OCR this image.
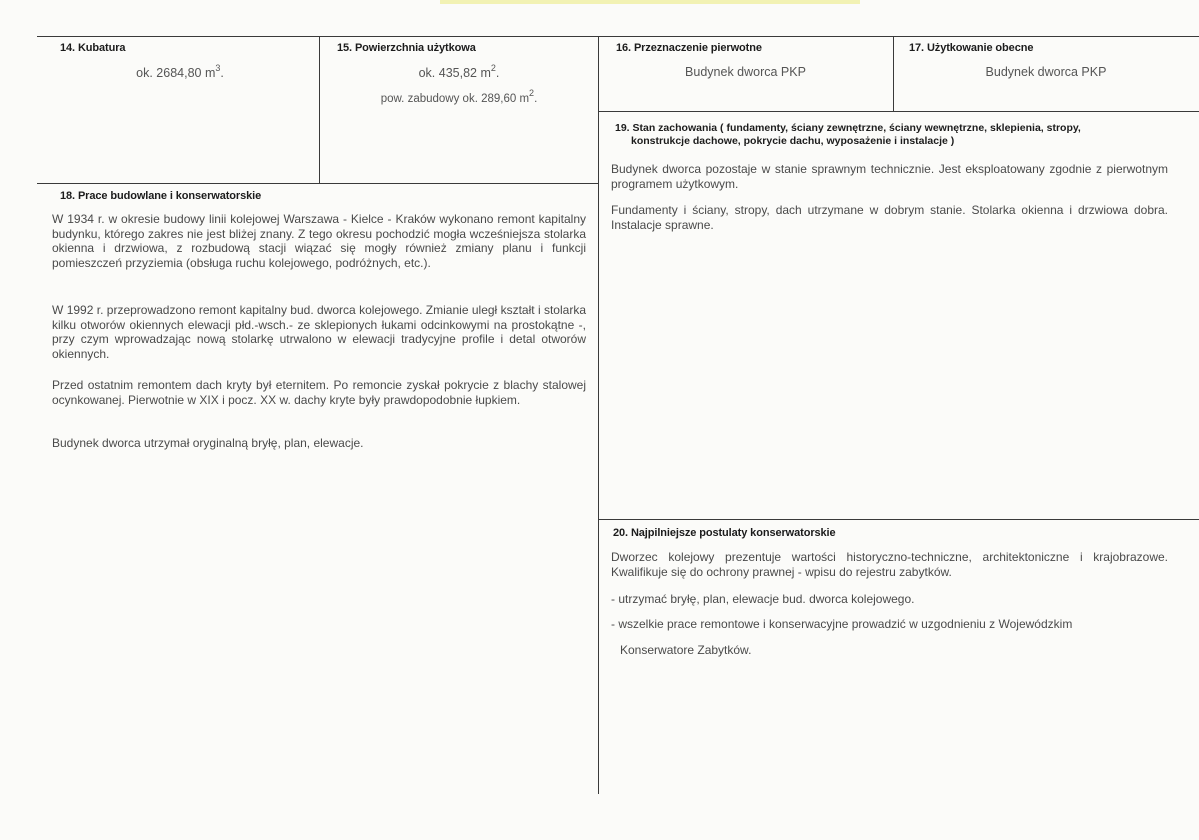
14. Kubatura
ok. 2684,80 $m^3$.
15. Powierzchnia użytkowa
ok. 435,82 $m^2$.
pow. zabudowy ok. 289,60 $m^2$.
16. Przeznaczenie pierwotne
Budynek dworca PKP
17. Użytkowanie obecne
Budynek dworca PKP
18. Prace budowlane i konserwatorskie

W 1934 r. w okresie budowy linii kolejowej Warszawa - Kielce - Kraków wykonano remont kapitalny budynku, którego zakres nie jest bliżej znany. Z tego okresu pochodzić mogła wcześniejsza stolarka okienna i drzwiowa, z rozbudową stacji wiązać się mogły również zmiany planu i funkcji pomieszczeń przyziemia (obsługa ruchu kolejowego, podróżnych, etc.).

W 1992 r. przeprowadzono remont kapitalny bud. dworca kolejowego. Zmianie uległ kształt i stolarka kilku otworów okiennych elewacji płd.-wsch.- ze sklepionych łukami odcinkowymi na prostokątne -, przy czym wprowadzając nową stolarkę utrwalono w elewacji tradycyjne profile i detal otworów okiennych.

Przed ostatnim remontem dach kryty był eternitem. Po remoncie zyskał pokrycie z blachy stalowej ocynkowanej. Pierwotnie w XIX i pocz. XX w. dachy kryte były prawdopodobnie łupkiem.

Budynek dworca utrzymał oryginalną bryłę, plan, elewacje.

19. Stan zachowania ( fundamenty, ściany zewnętrzne, ściany wewnętrzne, sklepienia, stropy,
konstrukcje dachowe, pokrycie dachu, wyposażenie i instalacje )

Budynek dworca pozostaje w stanie sprawnym technicznie. Jest eksploatowany zgodnie z pierwotnym programem użytkowym.

Fundamenty i ściany, stropy, dach utrzymane w dobrym stanie. Stolarka okienna i drzwiowa dobra. Instalacje sprawne.

20. Najpilniejsze postulaty konserwatorskie

Dworzec kolejowy prezentuje wartości historyczno-techniczne, architektoniczne i krajobrazowe. Kwalifikuje się do ochrony prawnej - wpisu do rejestru zabytków.

- utrzymać bryłę, plan, elewacje bud. dworca kolejowego.

- wszelkie prace remontowe i konserwacyjne prowadzić w uzgodnieniu z Wojewódzkim

Konserwatore Zabytków.
